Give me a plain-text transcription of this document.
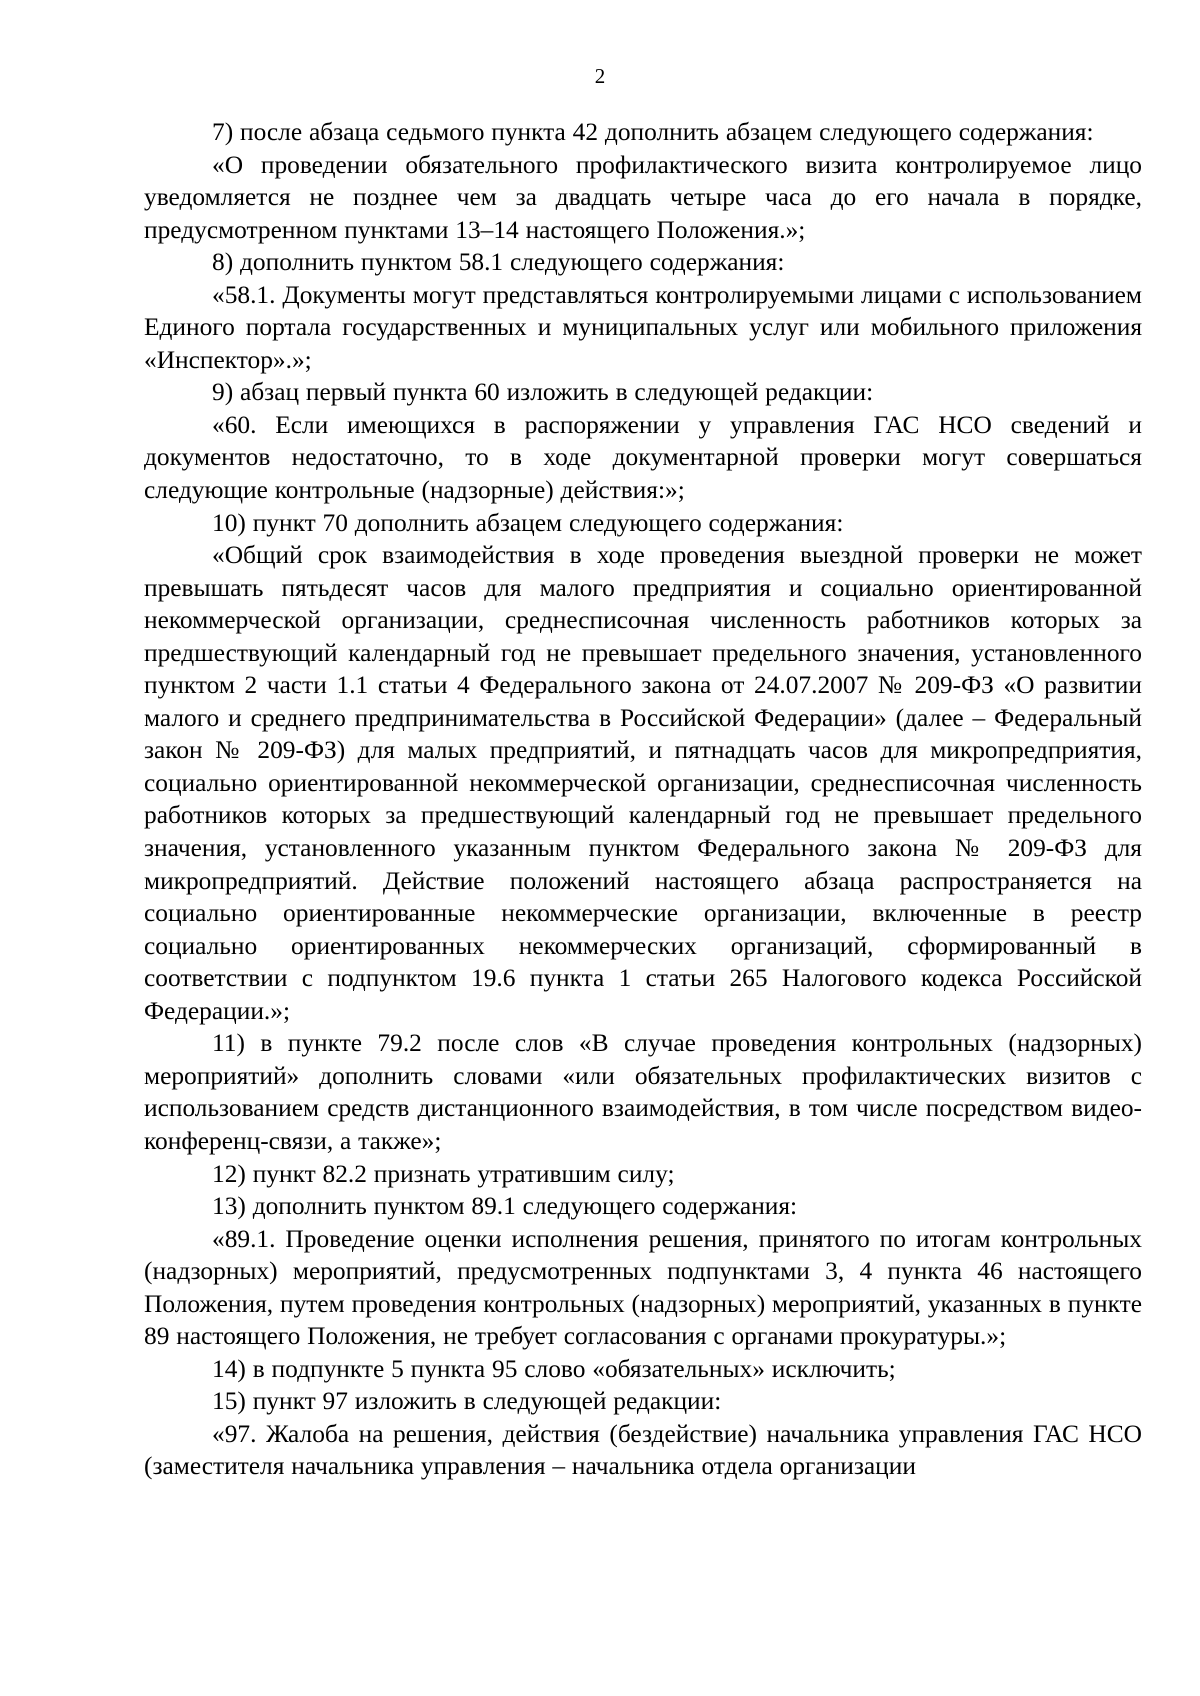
2

7) после абзаца седьмого пункта 42 дополнить абзацем следующего содержания:

«О проведении обязательного профилактического визита контролируемое лицо уведомляется не позднее чем за двадцать четыре часа до его начала в порядке, предусмотренном пунктами 13–14 настоящего Положения.»;

8) дополнить пунктом 58.1 следующего содержания:

«58.1. Документы могут представляться контролируемыми лицами с использованием Единого портала государственных и муниципальных услуг или мобильного приложения «Инспектор».»;

9) абзац первый пункта 60 изложить в следующей редакции:

«60. Если имеющихся в распоряжении у управления ГАС НСО сведений и документов недостаточно, то в ходе документарной проверки могут совершаться следующие контрольные (надзорные) действия:»;

10) пункт 70 дополнить абзацем следующего содержания:

«Общий срок взаимодействия в ходе проведения выездной проверки не может превышать пятьдесят часов для малого предприятия и социально ориентированной некоммерческой организации, среднесписочная численность работников которых за предшествующий календарный год не превышает предельного значения, установленного пунктом 2 части 1.1 статьи 4 Федерального закона от 24.07.2007 № 209-ФЗ «О развитии малого и среднего предпринимательства в Российской Федерации» (далее – Федеральный закон № 209-ФЗ) для малых предприятий, и пятнадцать часов для микропредприятия, социально ориентированной некоммерческой организации, среднесписочная численность работников которых за предшествующий календарный год не превышает предельного значения, установленного указанным пунктом Федерального закона № 209-ФЗ для микропредприятий. Действие положений настоящего абзаца распространяется на социально ориентированные некоммерческие организации, включенные в реестр социально ориентированных некоммерческих организаций, сформированный в соответствии с подпунктом 19.6 пункта 1 статьи 265 Налогового кодекса Российской Федерации.»;

11) в пункте 79.2 после слов «В случае проведения контрольных (надзорных) мероприятий» дополнить словами «или обязательных профилактических визитов с использованием средств дистанционного взаимодействия, в том числе посредством видео-конференц-связи, а также»;

12) пункт 82.2 признать утратившим силу;

13) дополнить пунктом 89.1 следующего содержания:

«89.1. Проведение оценки исполнения решения, принятого по итогам контрольных (надзорных) мероприятий, предусмотренных подпунктами 3, 4 пункта 46 настоящего Положения, путем проведения контрольных (надзорных) мероприятий, указанных в пункте 89 настоящего Положения, не требует согласования с органами прокуратуры.»;

14) в подпункте 5 пункта 95 слово «обязательных» исключить;

15) пункт 97 изложить в следующей редакции:

«97. Жалоба на решения, действия (бездействие) начальника управления ГАС НСО (заместителя начальника управления – начальника отдела организации
